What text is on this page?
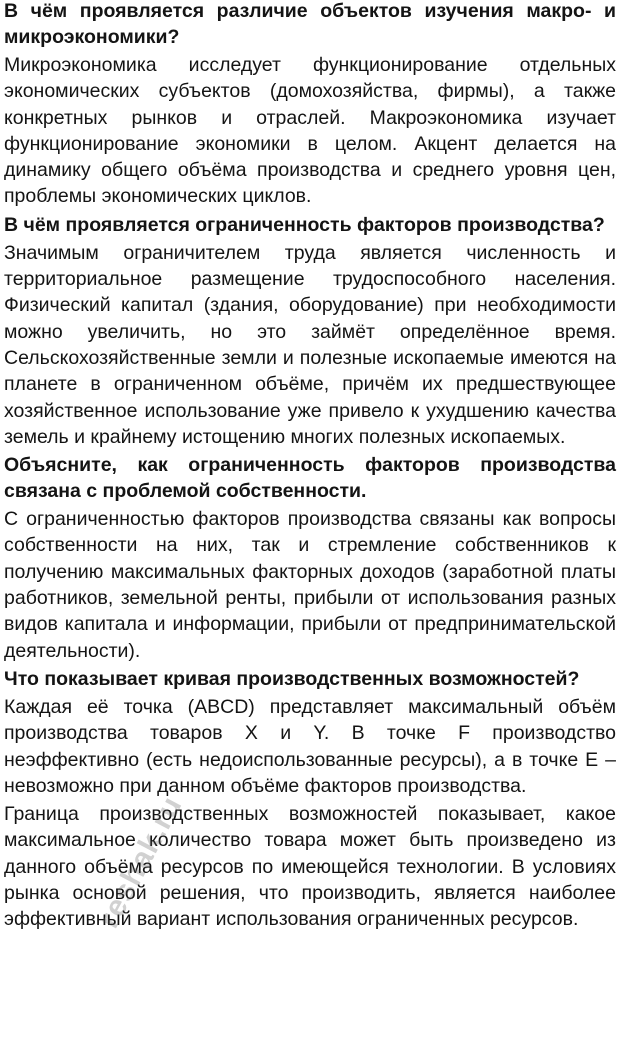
В чём проявляется различие объектов изучения макро- и микроэкономики?

Микроэкономика исследует функционирование отдельных экономических субъектов (домохозяйства, фирмы), а также конкретных рынков и отраслей. Макроэкономика изучает функционирование экономики в целом. Акцент делается на динамику общего объёма производства и среднего уровня цен, проблемы экономических циклов.

В чём проявляется ограниченность факторов производства?

Значимым ограничителем труда является численность и территориальное размещение трудоспособного населения. Физический капитал (здания, оборудование) при необходимости можно увеличить, но это займёт определённое время. Сельскохозяйственные земли и полезные ископаемые имеются на планете в ограниченном объёме, причём их предшествующее хозяйственное использование уже привело к ухудшению качества земель и крайнему истощению многих полезных ископаемых.

Объясните, как ограниченность факторов производства связана с проблемой собственности.

С ограниченностью факторов производства связаны как вопросы собственности на них, так и стремление собственников к получению максимальных факторных доходов (заработной платы работников, земельной ренты, прибыли от использования разных видов капитала и информации, прибыли от предпринимательской деятельности).

Что показывает кривая производственных возможностей?

Каждая её точка (ABCD) представляет максимальный объём производства товаров X и Y. В точке F производство неэффективно (есть недоиспользованные ресурсы), а в точке E – невозможно при данном объёме факторов производства.

Граница производственных возможностей показывает, какое максимальное количество товара может быть произведено из данного объёма ресурсов по имеющейся технологии. В условиях рынка основой решения, что производить, является наиболее эффективный вариант использования ограниченных ресурсов.

reshak.ru
